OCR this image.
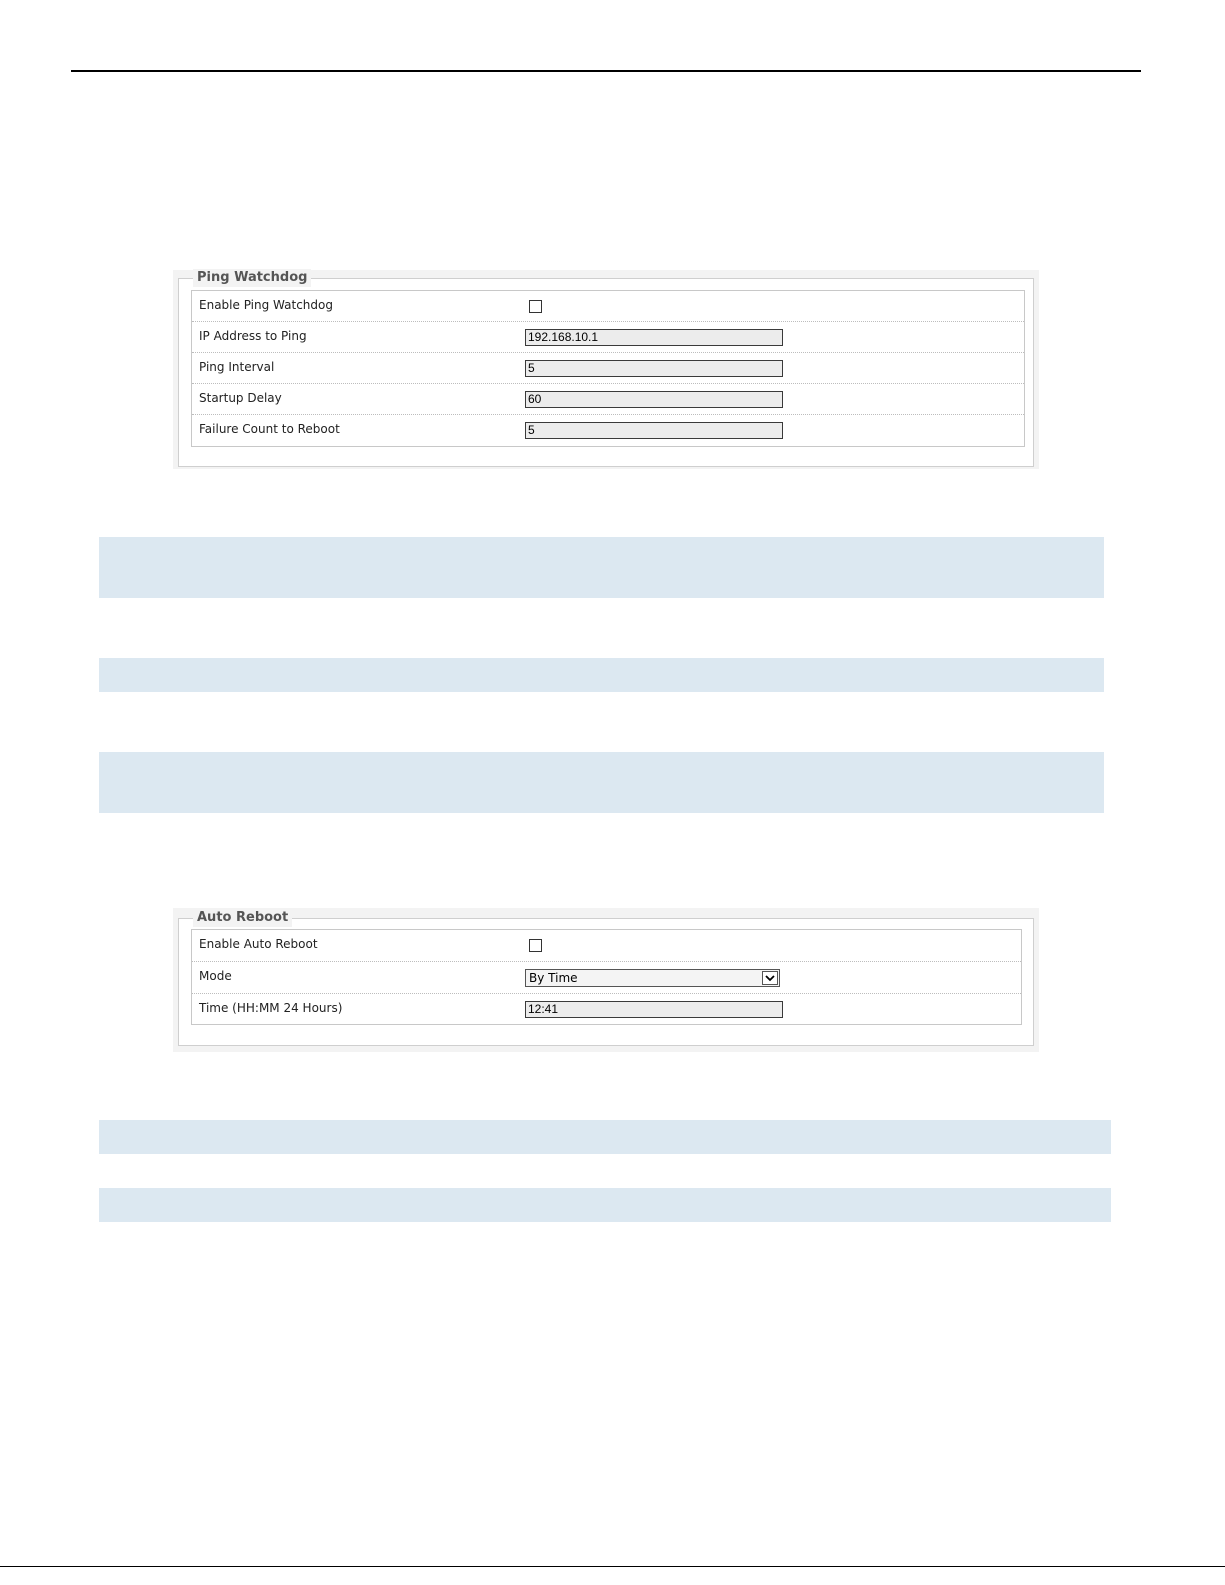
Ping Watchdog
Enable Ping Watchdog
IP Address to Ping	192.168.10.1
Ping Interval	5
Startup Delay	60
Failure Count to Reboot	5
Auto Reboot
Enable Auto Reboot
Mode	By Time
Time (HH:MM 24 Hours)	12:41
